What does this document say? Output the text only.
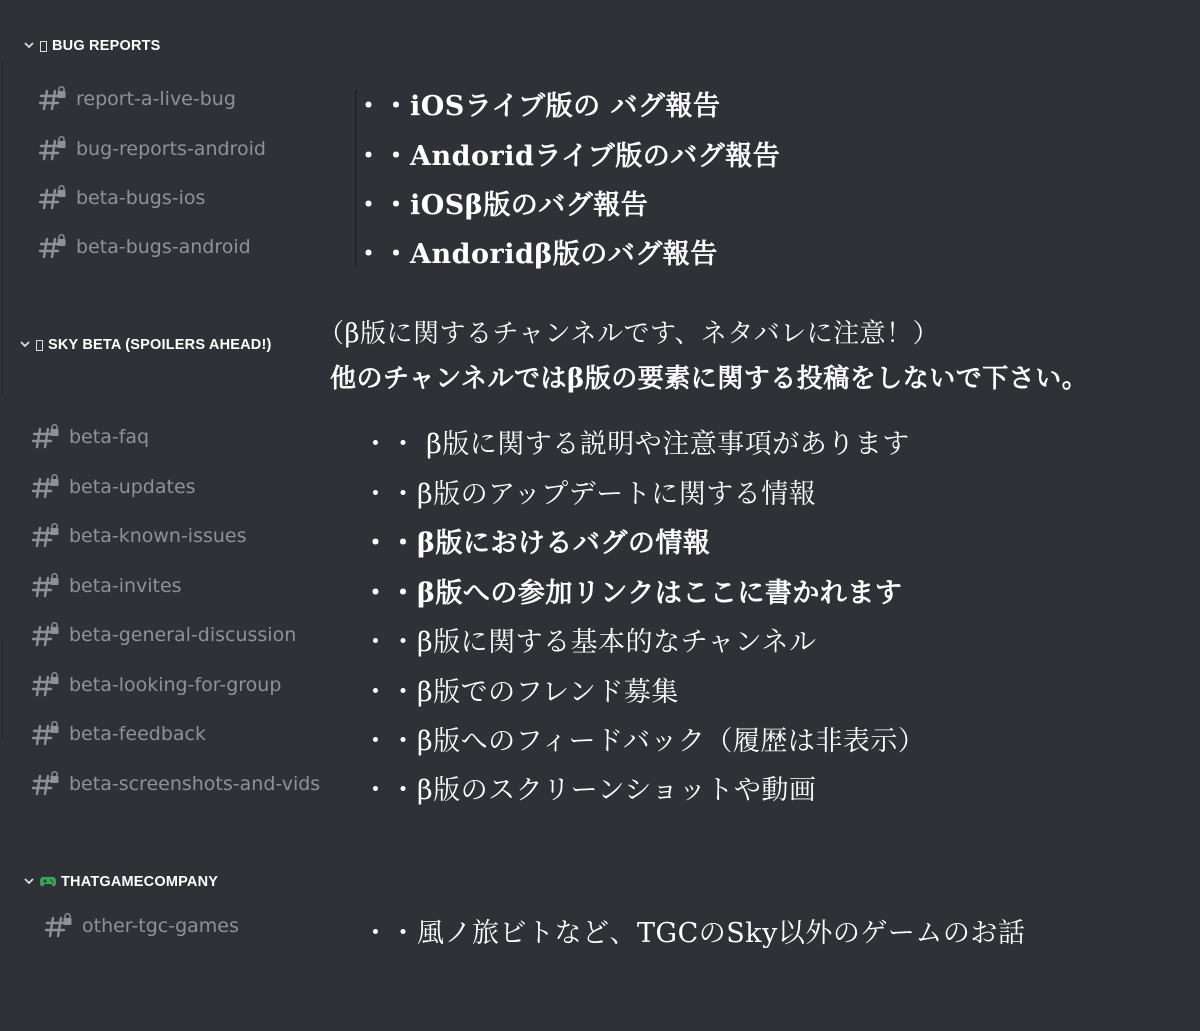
BUG REPORTS
report-a-live-bug
bug-reports-android
beta-bugs-ios
beta-bugs-android
・・iOSライブ版の バグ報告
・・Andoridライブ版のバグ報告
・・iOSβ版のバグ報告
・・Andoridβ版のバグ報告
SKY BETA (SPOILERS AHEAD!) （β版に関するチャンネルです、ネタバレに注意！）
他のチャンネルではβ版の要素に関する投稿をしないで下さい。
beta-faq
beta-updates
beta-known-issues
beta-invites
beta-general-discussion
beta-looking-for-group
beta-feedback
beta-screenshots-and-vids
・・ β版に関する説明や注意事項があります
・・β版のアップデートに関する情報
・・β版におけるバグの情報
・・β版への参加リンクはここに書かれます
・・β版に関する基本的なチャンネル
・・β版でのフレンド募集
・・β版へのフィードバック（履歴は非表示）
・・β版のスクリーンショットや動画
THATGAMECOMPANY
other-tgc-games	・・風ノ旅ビトなど、TGCのSky以外のゲームのお話
